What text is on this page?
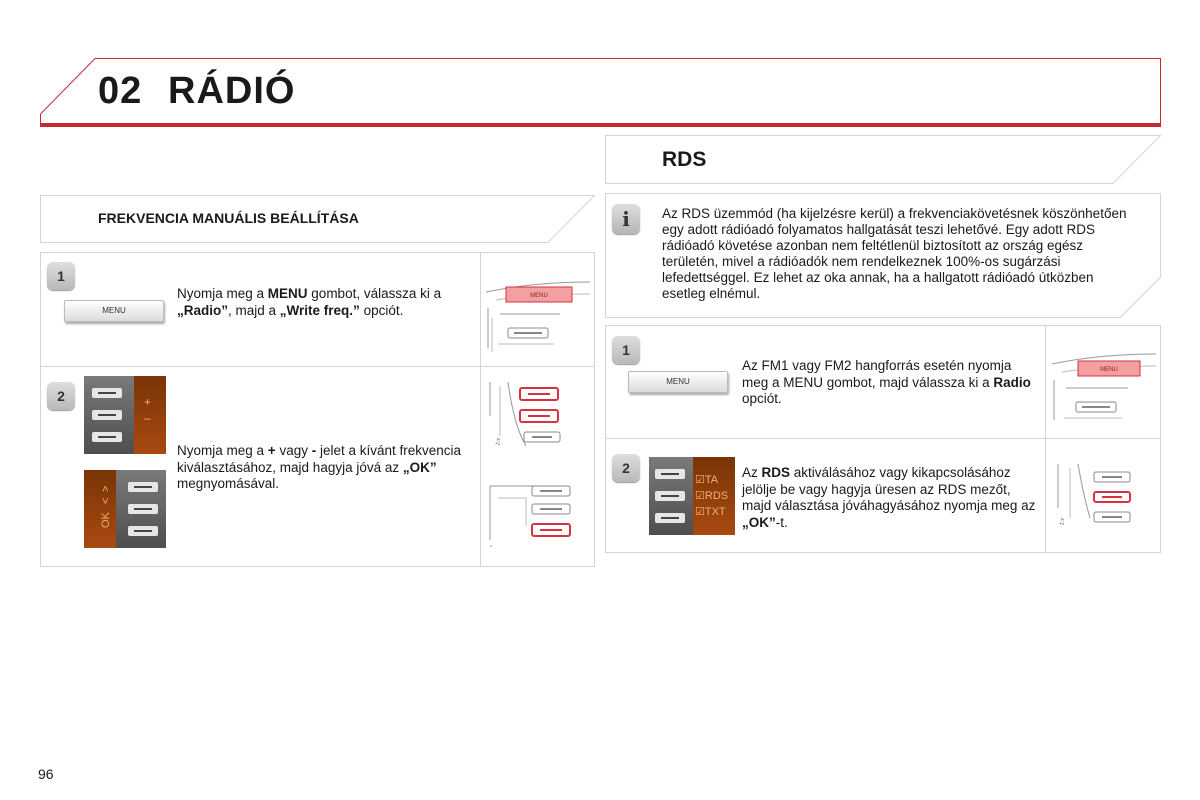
02 RÁDIÓ
FREKVENCIA MANUÁLIS BEÁLLÍTÁSA
1
MENU
Nyomja meg a MENU gombot, válassza ki a „Radio”, majd a „Write freq.” opciót.
MENU
2	+
–
OK
<
>
Nyomja meg a + vagy - jelet a kívánt frekvencia kiválasztásához, majd hagyja jóvá az „OK” megnyomásával.
♫
RDS
i	Az RDS üzemmód (ha kijelzésre kerül) a frekvenciakövetésnek köszönhetően egy adott rádióadó folyamatos hallgatását teszi lehetővé. Egy adott RDS rádióadó követése azonban nem feltétlenül biztosított az ország egész területén, mivel a rádióadók nem rendelkeznek 100%-os sugárzási lefedettséggel. Ez lehet az oka annak, ha a hallgatott rádióadó útközben esetleg elnémul.
1
MENU
Az FM1 vagy FM2 hangforrás esetén nyomja meg a MENU gombot, majd válassza ki a Radio opciót.
MENU
2
☑TA
☑RDS
☑TXT
Az RDS aktiválásához vagy kikapcsolásához jelölje be vagy hagyja üresen az RDS mezőt, majd választása jóváhagyásához nyomja meg az „OK”-t.	♫
96
